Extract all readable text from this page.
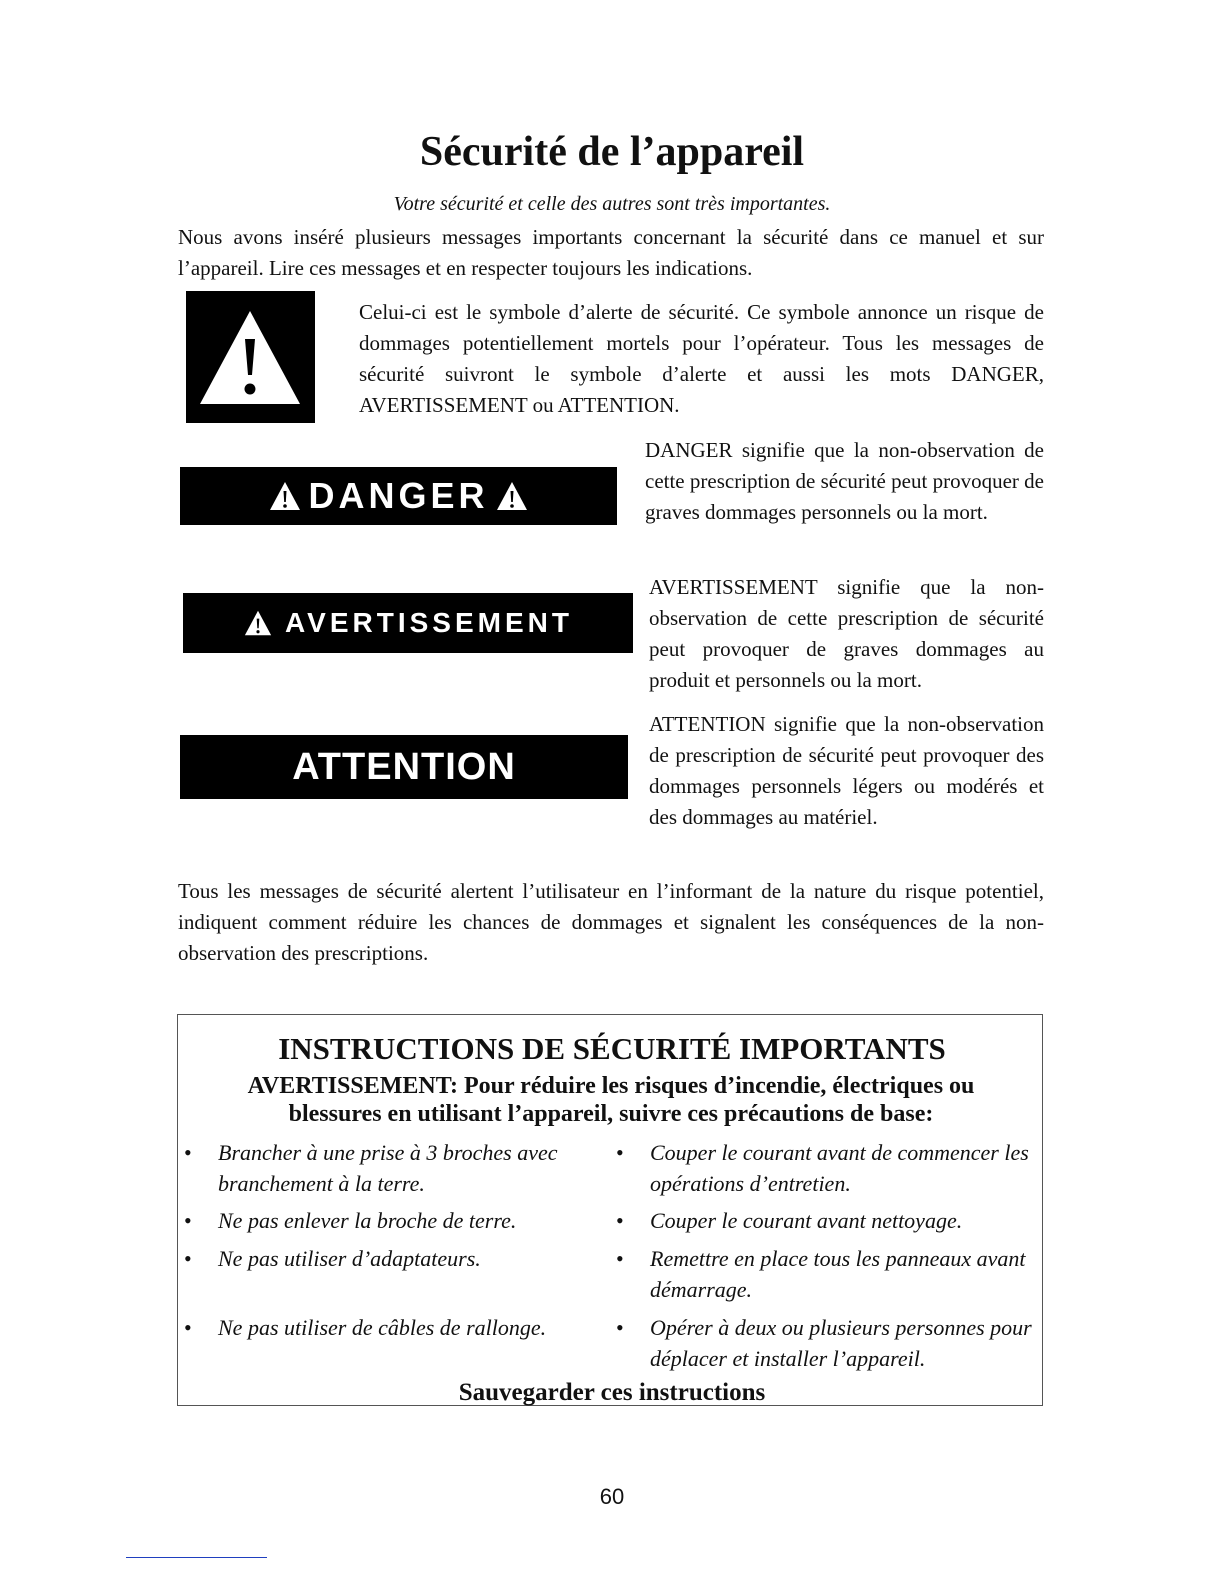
Sécurité de l’appareil
Votre sécurité et celle des autres sont très importantes.
Nous avons inséré plusieurs messages importants concernant la sécurité dans ce manuel et sur l’appareil. Lire ces messages et en respecter toujours les indications.
Celui-ci est le symbole d’alerte de sécurité. Ce symbole annonce un risque de dommages potentiellement mortels pour l’opérateur. Tous les messages de sécurité suivront le symbole d’alerte et aussi les mots DANGER, AVERTISSEMENT ou ATTENTION.
DANGER
DANGER signifie que la non-observation de cette prescription de sécurité peut provoquer de graves dommages personnels ou la mort.
AVERTISSEMENT
AVERTISSEMENT signifie que la non-observation de cette prescription de sécurité peut provoquer de graves dommages au produit et personnels ou la mort.
ATTENTION
ATTENTION signifie que la non-observation de prescription de sécurité peut provoquer des dommages personnels légers ou modérés et des dommages au matériel.
Tous les messages de sécurité alertent l’utilisateur en l’informant de la nature du risque potentiel, indiquent comment réduire les chances de dommages et signalent les conséquences de la non-observation des prescriptions.
INSTRUCTIONS DE SÉCURITÉ IMPORTANTS
AVERTISSEMENT: Pour réduire les risques d’incendie, électriques ou
blessures en utilisant l’appareil, suivre ces précautions de base:
• Brancher à une prise à 3 broches avec branchement à la terre.
• Ne pas enlever la broche de terre.
• Ne pas utiliser d’adaptateurs.
• Ne pas utiliser de câbles de rallonge.
• Couper le courant avant de commencer les opérations d’entretien.
• Couper le courant avant nettoyage.
• Remettre en place tous les panneaux avant démarrage.
• Opérer à deux ou plusieurs personnes pour déplacer et installer l’appareil.
Sauvegarder ces instructions
60
